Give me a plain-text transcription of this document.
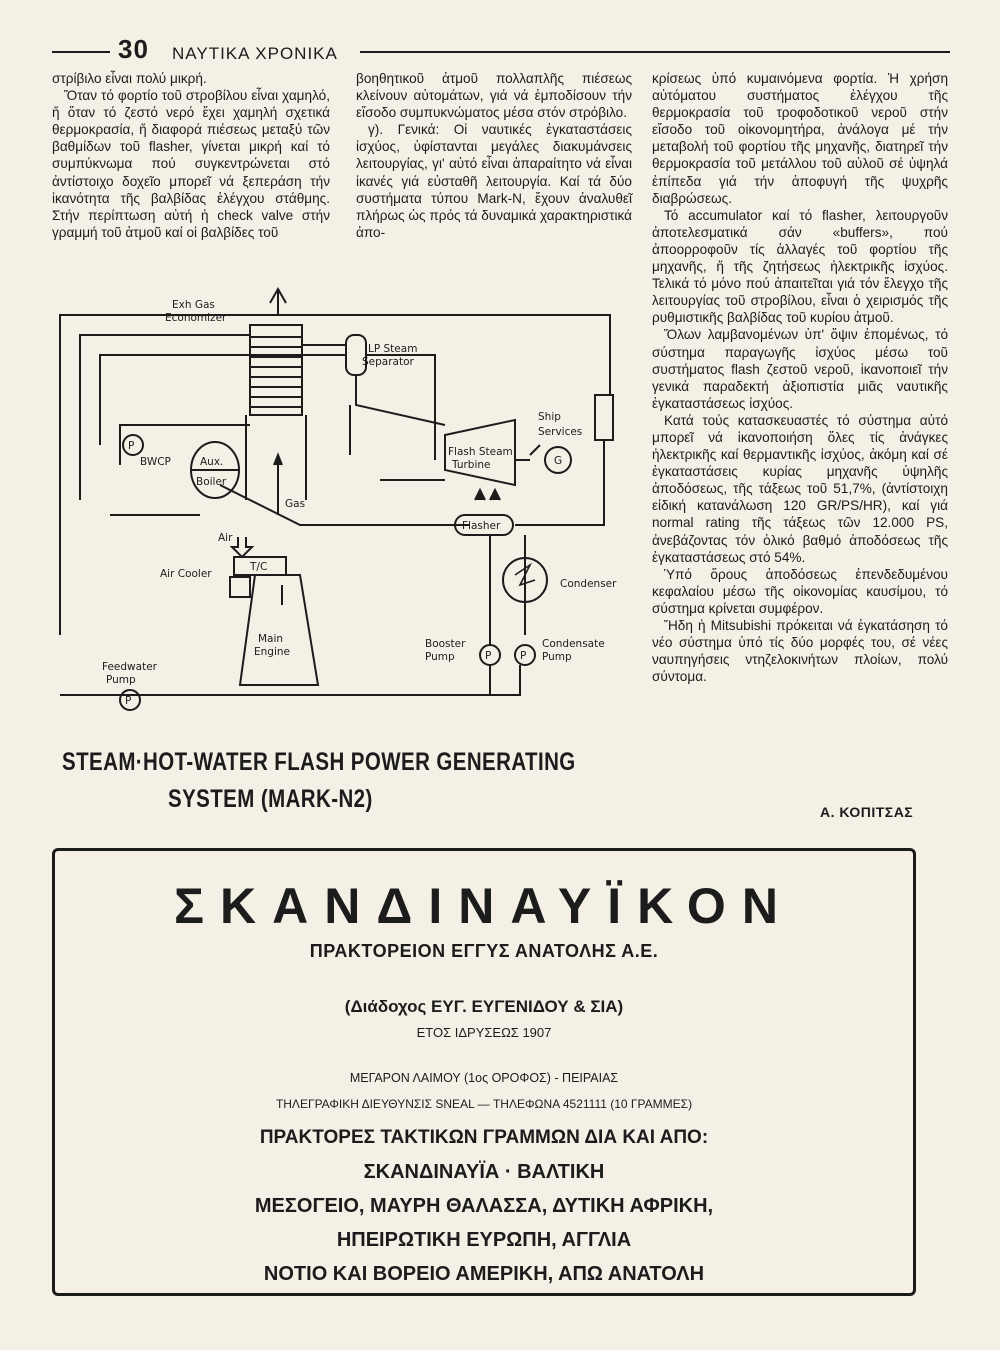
30 ΝΑΥΤΙΚΑ ΧΡΟΝΙΚΑ

στρίβιλο εἶναι πολύ μικρή.

Ὅταν τό φορτίο τοῦ στροβίλου εἶναι χαμηλό, ἤ ὅταν τό ζεστό νερό ἔχει χαμηλή σχετικά θερμοκρασία, ἤ διαφορά πιέσεως μεταξύ τῶν βαθμίδων τοῦ flasher, γίνεται μικρή καί τό συμπύκνωμα πού συγκεντρώνεται στό ἀντίστοιχο δοχεῖο μπορεῖ νά ξεπεράση τήν ἱκανότητα τῆς βαλβίδας ἐλέγχου στάθμης. Στήν περίπτωση αὐτή ἡ check valve στήν γραμμή τοῦ ἀτμοῦ καί οἱ βαλβίδες τοῦ

βοηθητικοῦ ἀτμοῦ πολλαπλῆς πιέσεως κλείνουν αὐτομάτων, γιά νά ἐμποδίσουν τήν εἴσοδο συμπυκνώματος μέσα στόν στρόβιλο.

γ). Γενικά: Οἱ ναυτικές ἐγκαταστάσεις ἰσχύος, ὑφίστανται μεγάλες διακυμάνσεις λειτουργίας, γι' αὐτό εἶναι ἀπαραίτητο νά εἶναι ἱκανές γιά εὐσταθῆ λειτουργία. Καί τά δύο συστήματα τύπου Mark-N, ἔχουν ἀναλυθεῖ πλήρως ὡς πρός τά δυναμικά χαρακτηριστικά ἀπο-

κρίσεως ὑπό κυμαινόμενα φορτία. Ἡ χρήση αὐτόματου συστήματος ἐλέγχου τῆς θερμοκρασία τοῦ τροφοδοτικοῦ νεροῦ στήν εἴσοδο τοῦ οἰκονομητήρα, ἀνάλογα μέ τήν μεταβολή τοῦ φορτίου τῆς μηχανῆς, διατηρεῖ τήν θερμοκρασία τοῦ μετάλλου τοῦ αὐλοῦ σέ ὑψηλά ἐπίπεδα γιά τήν ἀποφυγή τῆς ψυχρῆς διαβρώσεως.

Τό accumulator καί τό flasher, λειτουργοῦν ἀποτελεσματικά σάν «buffers», πού ἀποορροφοῦν τίς ἀλλαγές τοῦ φορτίου τῆς μηχανῆς, ἤ τῆς ζητήσεως ἠλεκτρικῆς ἰσχύος. Τελικά τό μόνο πού ἀπαιτεῖται γιά τόν ἔλεγχο τῆς λειτουργίας τοῦ στροβίλου, εἶναι ὁ χειρισμός τῆς ρυθμιστικῆς βαλβίδας τοῦ κυρίου ἀτμοῦ.

Ὅλων λαμβανομένων ὑπ' ὄψιν ἐπομένως, τό σύστημα παραγωγῆς ἰσχύος μέσω τοῦ συστήματος flash ζεστοῦ νεροῦ, ἱκανοποιεῖ τήν γενικά παραδεκτή ἀξιοπιστία μιᾶς ναυτικῆς ἐγκαταστάσεως ἰσχύος.

Κατά τούς κατασκευαστές τό σύστημα αὐτό μπορεῖ νά ἱκανοποιήση ὅλες τίς ἀνάγκες ἠλεκτρικῆς καί θερμαντικῆς ἰσχύος, ἀκόμη καί σέ ἐγκαταστάσεις κυρίας μηχανῆς ὑψηλῆς ἀποδόσεως, τῆς τάξεως τοῦ 51,7%, (ἀντίστοιχη εἰδική κατανάλωση 120 GR/PS/HR), καί γιά normal rating τῆς τάξεως τῶν 12.000 PS, ἀνεβάζοντας τόν ὁλικό βαθμό ἀποδόσεως τῆς ἐγκαταστάσεως στό 54%.

Ὑπό ὅρους ἀποδόσεως ἐπενδεδυμένου κεφαλαίου μέσω τῆς οἰκονομίας καυσίμου, τό σύστημα κρίνεται συμφέρον.

Ἤδη ἡ Mitsubishi πρόκειται νά ἐγκατάσηση τό νέο σύστημα ὑπό τίς δύο μορφές του, σέ νέες ναυπηγήσεις ντηζελοκινήτων πλοίων, πολύ σύντομα.

Α. ΚΟΠΙΤΣΑΣ
Exh Gas
Economizer
LP Steam
Separator
Ship
Services
Flash Steam
Turbine	G
BWCP	Aux.
Boiler
P
Gas
Flasher
Air
T/C
Air Cooler
Condenser
Main
Engine
Booster
Pump	P
Condensate
Pump
P
Feedwater
Pump
P
STEAM·HOT-WATER FLASH POWER GENERATING
SYSTEM (MARK-N2)
ΣΚΑΝΔΙΝΑΥΪΚΟΝ
ΠΡΑΚΤΟΡΕΙΟΝ ΕΓΓΥΣ ΑΝΑΤΟΛΗΣ Α.Ε.
(Διάδοχος ΕΥΓ. ΕΥΓΕΝΙΔΟΥ & ΣΙΑ)
ΕΤΟΣ ΙΔΡΥΣΕΩΣ 1907
ΜΕΓΑΡΟΝ ΛΑΙΜΟΥ (1ος ΟΡΟΦΟΣ) - ΠΕΙΡΑΙΑΣ
ΤΗΛΕΓΡΑΦΙΚΗ ΔΙΕΥΘΥΝΣΙΣ SNEAL — ΤΗΛΕΦΩΝΑ 4521111 (10 ΓΡΑΜΜΕΣ)
ΠΡΑΚΤΟΡΕΣ ΤΑΚΤΙΚΩΝ ΓΡΑΜΜΩΝ ΔΙΑ ΚΑΙ ΑΠΟ:
ΣΚΑΝΔΙΝΑΥΪΑ · ΒΑΛΤΙΚΗ
ΜΕΣΟΓΕΙΟ, ΜΑΥΡΗ ΘΑΛΑΣΣΑ, ΔΥΤΙΚΗ ΑΦΡΙΚΗ,
ΗΠΕΙΡΩΤΙΚΗ ΕΥΡΩΠΗ, ΑΓΓΛΙΑ
ΝΟΤΙΟ ΚΑΙ ΒΟΡΕΙΟ ΑΜΕΡΙΚΗ, ΑΠΩ ΑΝΑΤΟΛΗ
